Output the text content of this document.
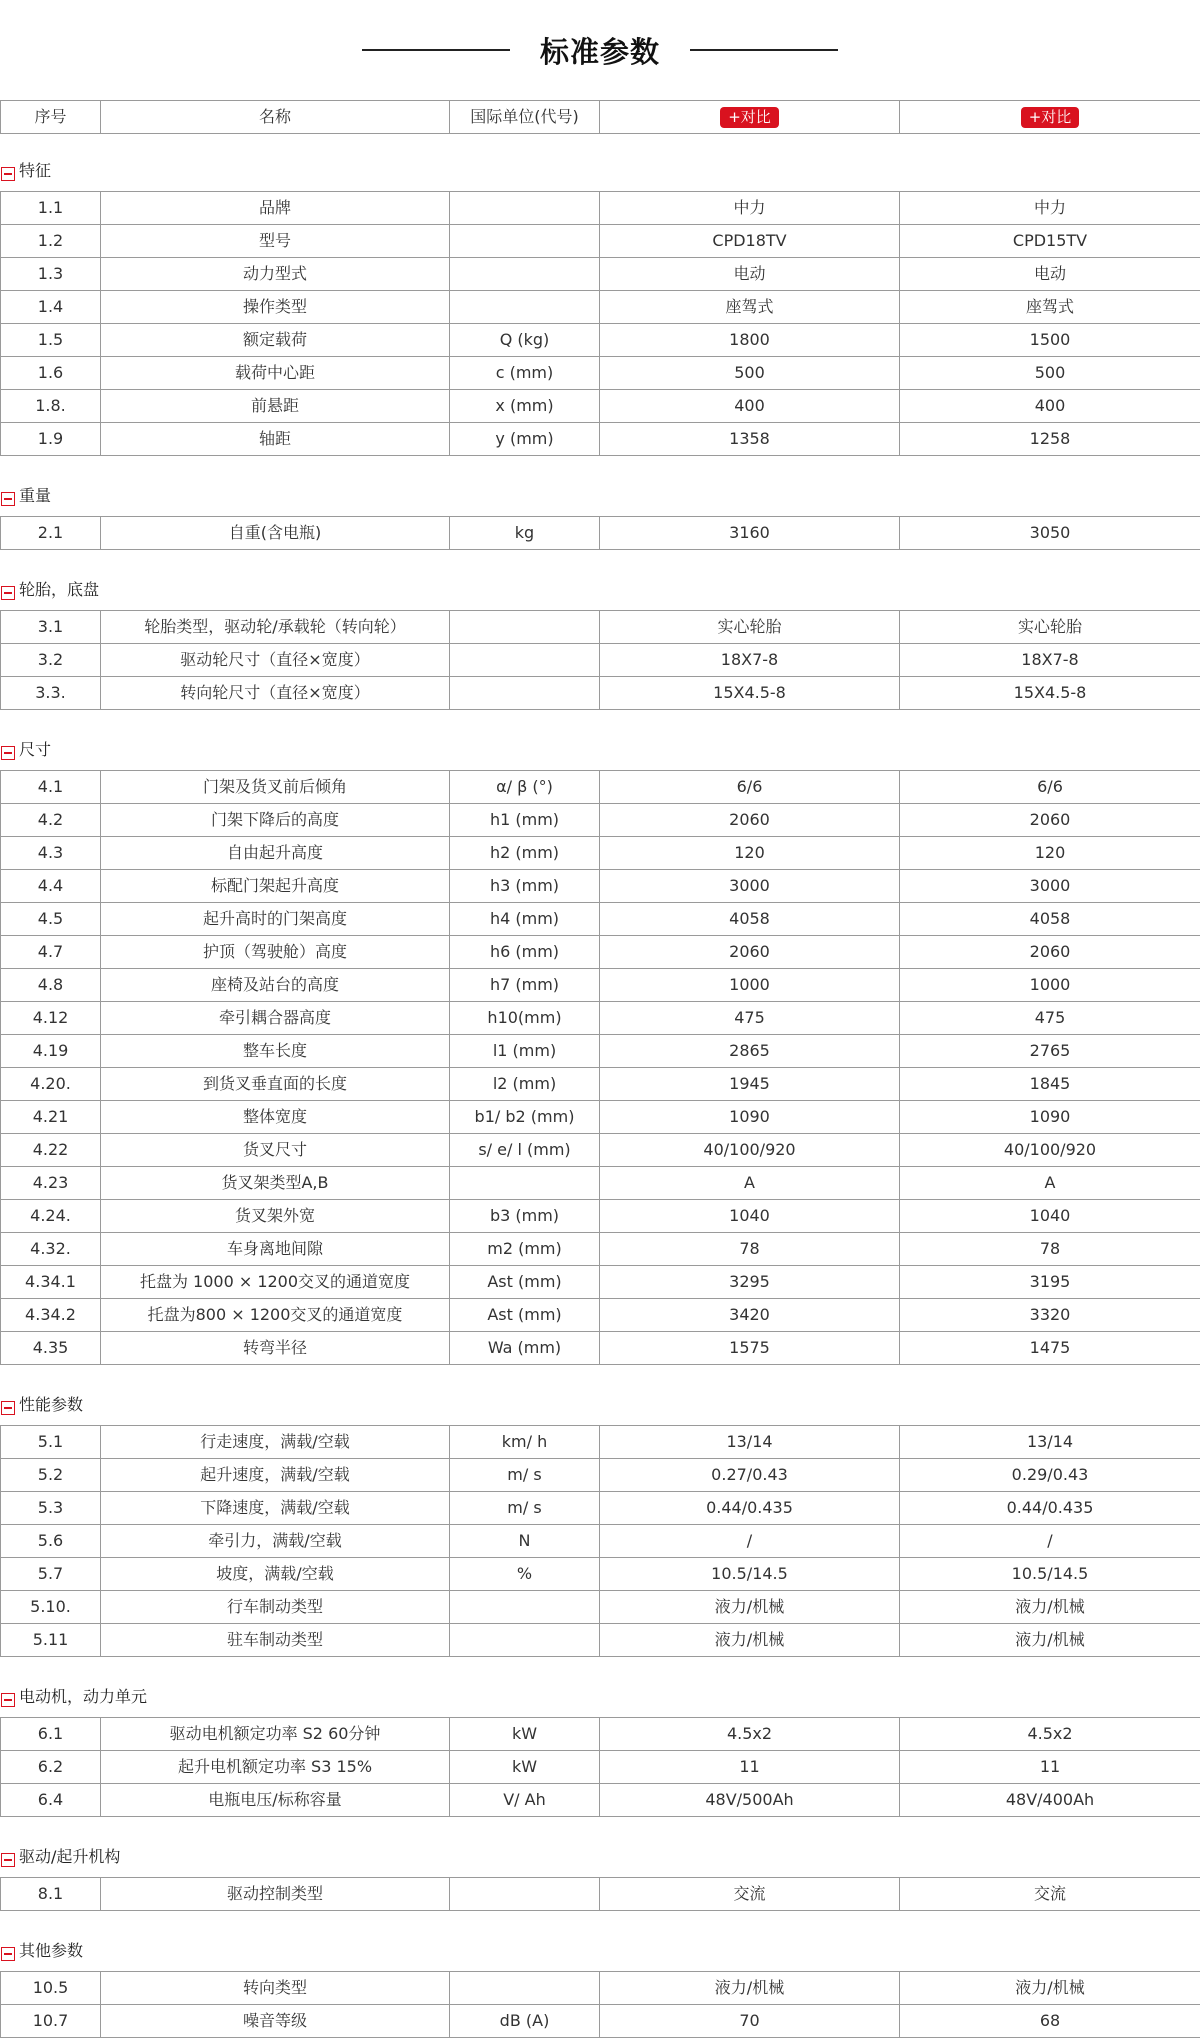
标准参数
序号	名称	国际单位(代号)	+对比	+对比
特征
1.1	品牌		中力	中力
1.2	型号		CPD18TV	CPD15TV
1.3	动力型式		电动	电动
1.4	操作类型		座驾式	座驾式
1.5	额定载荷	Q (kg)	1800	1500
1.6	载荷中心距	c (mm)	500	500
1.8.	前悬距	x (mm)	400	400
1.9	轴距	y (mm)	1358	1258
重量
2.1	自重(含电瓶)	kg	3160	3050
轮胎，底盘
3.1	轮胎类型，驱动轮/承载轮（转向轮）		实心轮胎	实心轮胎
3.2	驱动轮尺寸（直径×宽度）		18X7-8	18X7-8
3.3.	转向轮尺寸（直径×宽度）		15X4.5-8	15X4.5-8
尺寸
4.1	门架及货叉前后倾角	α/ β (°)	6/6	6/6
4.2	门架下降后的高度	h1 (mm)	2060	2060
4.3	自由起升高度	h2 (mm)	120	120
4.4	标配门架起升高度	h3 (mm)	3000	3000
4.5	起升高时的门架高度	h4 (mm)	4058	4058
4.7	护顶（驾驶舱）高度	h6 (mm)	2060	2060
4.8	座椅及站台的高度	h7 (mm)	1000	1000
4.12	牵引耦合器高度	h10(mm)	475	475
4.19	整车长度	l1 (mm)	2865	2765
4.20.	到货叉垂直面的长度	l2 (mm)	1945	1845
4.21	整体宽度	b1/ b2 (mm)	1090	1090
4.22	货叉尺寸	s/ e/ l (mm)	40/100/920	40/100/920
4.23	货叉架类型A,B		A	A
4.24.	货叉架外宽	b3 (mm)	1040	1040
4.32.	车身离地间隙	m2 (mm)	78	78
4.34.1	托盘为 1000 × 1200交叉的通道宽度	Ast (mm)	3295	3195
4.34.2	托盘为800 × 1200交叉的通道宽度	Ast (mm)	3420	3320
4.35	转弯半径	Wa (mm)	1575	1475
性能参数
5.1	行走速度，满载/空载	km/ h	13/14	13/14
5.2	起升速度，满载/空载	m/ s	0.27/0.43	0.29/0.43
5.3	下降速度，满载/空载	m/ s	0.44/0.435	0.44/0.435
5.6	牵引力，满载/空载	N	/	/
5.7	坡度，满载/空载	%	10.5/14.5	10.5/14.5
5.10.	行车制动类型		液力/机械	液力/机械
5.11	驻车制动类型		液力/机械	液力/机械
电动机，动力单元
6.1	驱动电机额定功率 S2 60分钟	kW	4.5x2	4.5x2
6.2	起升电机额定功率 S3 15%	kW	11	11
6.4	电瓶电压/标称容量	V/ Ah	48V/500Ah	48V/400Ah
驱动/起升机构
8.1	驱动控制类型		交流	交流
其他参数
10.5	转向类型		液力/机械	液力/机械
10.7	噪音等级	dB (A)	70	68
